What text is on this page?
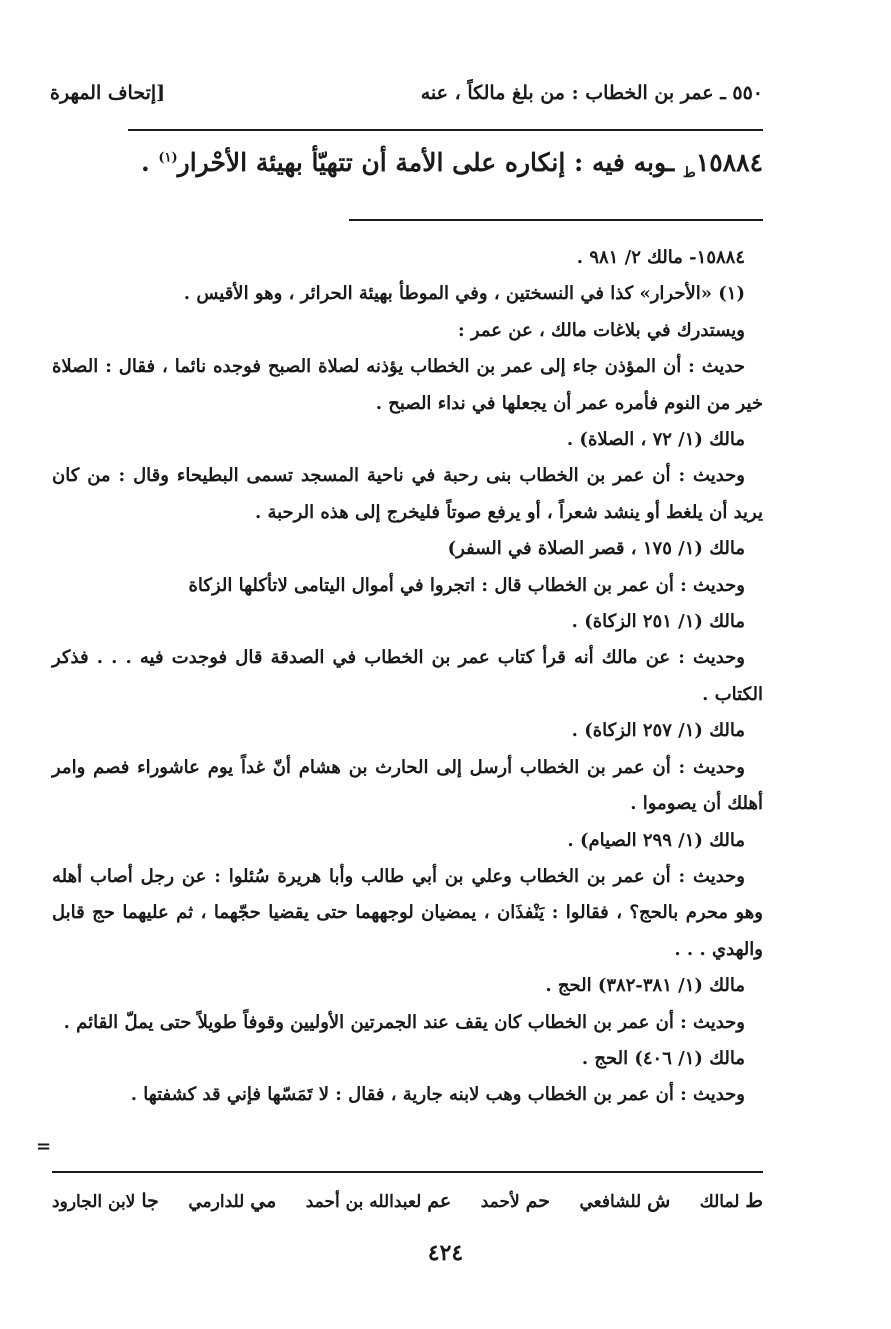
٥٥٠ ـ عمر بن الخطاب : من بلغ مالكاً ، عنه
[إتحاف المهرة
$١٥٨٨٤_ط$ ـوبه فيه : إنكاره على الأمة أن تتهيّأ بهيئة الأحْرار$^{(١)}$ .

١٥٨٨٤- مالك ٢/ ٩٨١ .

(١) «الأحرار» كذا في النسختين ، وفي الموطأ بهيئة الحرائر ، وهو الأقيس .

ويستدرك في بلاغات مالك ، عن عمر :

حديث : أن المؤذن جاء إلى عمر بن الخطاب يؤذنه لصلاة الصبح فوجده نائما ، فقال : الصلاة

خير من النوم فأمره عمر أن يجعلها في نداء الصبح .

مالك (١/ ٧٢ ، الصلاة) .

وحديث : أن عمر بن الخطاب بنى رحبة في ناحية المسجد تسمى البطيحاء وقال : من كان

يريد أن يلغط أو ينشد شعراً ، أو يرفع صوتاً فليخرج إلى هذه الرحبة .

مالك (١/ ١٧٥ ، قصر الصلاة في السفر)

وحديث : أن عمر بن الخطاب قال : اتجروا في أموال اليتامى لاتأكلها الزكاة

مالك (١/ ٢٥١ الزكاة) .

وحديث : عن مالك أنه قرأ كتاب عمر بن الخطاب في الصدقة قال فوجدت فيه . . . فذكر

الكتاب .

مالك (١/ ٢٥٧ الزكاة) .

وحديث : أن عمر بن الخطاب أرسل إلى الحارث بن هشام أنّ غداً يوم عاشوراء فصم وامر

أهلك أن يصوموا .

مالك (١/ ٢٩٩ الصيام) .

وحديث : أن عمر بن الخطاب وعلي بن أبي طالب وأبا هريرة سُئلوا : عن رجل أصاب أهله

وهو محرم بالحج؟ ، فقالوا : يَنْفذَان ، يمضيان لوجههما حتى يقضيا حجّهما ، ثم عليهما حج قابل

والهدي . . .

مالك (١/ ٣٨١-٣٨٢) الحج .

وحديث : أن عمر بن الخطاب كان يقف عند الجمرتين الأوليين وقوفاً طويلاً حتى يملّ القائم .

مالك (١/ ٤٠٦) الحج .

وحديث : أن عمر بن الخطاب وهب لابنه جارية ، فقال : لا تَمَسّها فإني قد كشفتها .

=
ط لمالك
ش للشافعي
حم لأحمد
عم لعبدالله بن أحمد
مي للدارمي
جا لابن الجارود
٤٢٤
